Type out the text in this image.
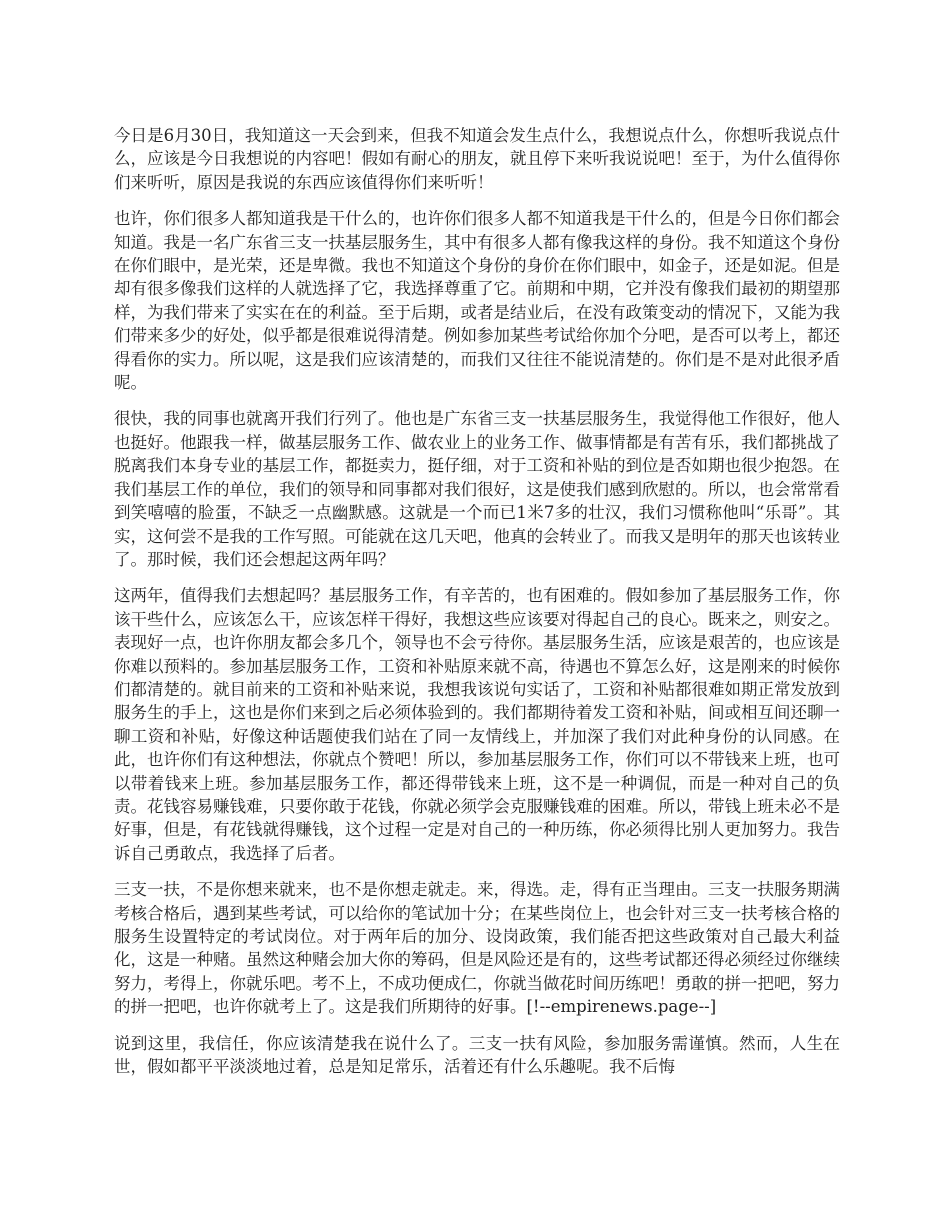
今日是6月30日，我知道这一天会到来，但我不知道会发生点什么，我想说点什么，你想听我说点什么，应该是今日我想说的内容吧！假如有耐心的朋友，就且停下来听我说说吧！至于，为什么值得你们来听听，原因是我说的东西应该值得你们来听听！

也许，你们很多人都知道我是干什么的，也许你们很多人都不知道我是干什么的，但是今日你们都会知道。我是一名广东省三支一扶基层服务生，其中有很多人都有像我这样的身份。我不知道这个身份在你们眼中，是光荣，还是卑微。我也不知道这个身份的身价在你们眼中，如金子，还是如泥。但是却有很多像我们这样的人就选择了它，我选择尊重了它。前期和中期，它并没有像我们最初的期望那样，为我们带来了实实在在的利益。至于后期，或者是结业后，在没有政策变动的情况下，又能为我们带来多少的好处，似乎都是很难说得清楚。例如参加某些考试给你加个分吧，是否可以考上，都还得看你的实力。所以呢，这是我们应该清楚的，而我们又往往不能说清楚的。你们是不是对此很矛盾呢。

很快，我的同事也就离开我们行列了。他也是广东省三支一扶基层服务生，我觉得他工作很好，他人也挺好。他跟我一样，做基层服务工作、做农业上的业务工作、做事情都是有苦有乐，我们都挑战了脱离我们本身专业的基层工作，都挺卖力，挺仔细，对于工资和补贴的到位是否如期也很少抱怨。在我们基层工作的单位，我们的领导和同事都对我们很好，这是使我们感到欣慰的。所以，也会常常看到笑嘻嘻的脸蛋，不缺乏一点幽默感。这就是一个而已1米7多的壮汉，我们习惯称他叫“乐哥”。其实，这何尝不是我的工作写照。可能就在这几天吧，他真的会转业了。而我又是明年的那天也该转业了。那时候，我们还会想起这两年吗？

这两年，值得我们去想起吗？基层服务工作，有辛苦的，也有困难的。假如参加了基层服务工作，你该干些什么，应该怎么干，应该怎样干得好，我想这些应该要对得起自己的良心。既来之，则安之。表现好一点，也许你朋友都会多几个，领导也不会亏待你。基层服务生活，应该是艰苦的，也应该是你难以预料的。参加基层服务工作，工资和补贴原来就不高，待遇也不算怎么好，这是刚来的时候你们都清楚的。就目前来的工资和补贴来说，我想我该说句实话了，工资和补贴都很难如期正常发放到服务生的手上，这也是你们来到之后必须体验到的。我们都期待着发工资和补贴，间或相互间还聊一聊工资和补贴，好像这种话题使我们站在了同一友情线上，并加深了我们对此种身份的认同感。在此，也许你们有这种想法，你就点个赞吧！所以，参加基层服务工作，你们可以不带钱来上班，也可以带着钱来上班。参加基层服务工作，都还得带钱来上班，这不是一种调侃，而是一种对自己的负责。花钱容易赚钱难，只要你敢于花钱，你就必须学会克服赚钱难的困难。所以，带钱上班未必不是好事，但是，有花钱就得赚钱，这个过程一定是对自己的一种历练，你必须得比别人更加努力。我告诉自己勇敢点，我选择了后者。

三支一扶，不是你想来就来，也不是你想走就走。来，得选。走，得有正当理由。三支一扶服务期满考核合格后，遇到某些考试，可以给你的笔试加十分；在某些岗位上，也会针对三支一扶考核合格的服务生设置特定的考试岗位。对于两年后的加分、设岗政策，我们能否把这些政策对自己最大利益化，这是一种赌。虽然这种赌会加大你的筹码，但是风险还是有的，这些考试都还得必须经过你继续努力，考得上，你就乐吧。考不上，不成功便成仁，你就当做花时间历练吧！勇敢的拼一把吧，努力的拼一把吧，也许你就考上了。这是我们所期待的好事。[!--empirenews.page--]

说到这里，我信任，你应该清楚我在说什么了。三支一扶有风险，参加服务需谨慎。然而，人生在世，假如都平平淡淡地过着，总是知足常乐，活着还有什么乐趣呢。我不后悔
